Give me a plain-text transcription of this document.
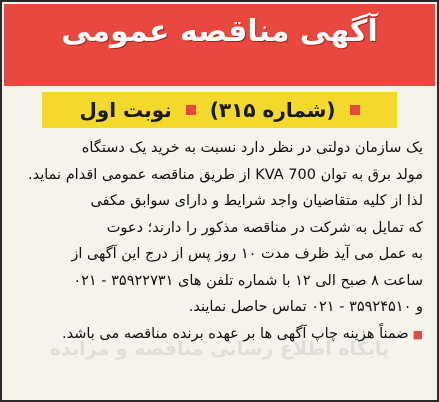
پایگاه اطلاع رسانی مناقصه و مزایده
آگهی مناقصه عمومی
(شماره ۳۱۵)
نوبت اول
یک سازمان دولتی در نظر دارد نسبت به خرید یک دستگاه
مولد برق به توان 700 KVA از طریق مناقصه عمومی اقدام نماید.
لذا از کلیه متقاضیان واجد شرایط و دارای سوابق مکفی
که تمایل به شرکت در مناقصه مذکور را دارند؛ دعوت
به عمل می آید ظرف مدت ۱۰ روز پس از درج این آگهی از
ساعت ۸ صبح الی ۱۲ با شماره تلفن های ۳۵۹۲۲۷۳۱ - ۰۲۱
و ۳۵۹۲۴۵۱۰ - ۰۲۱ تماس حاصل نمایند.
■ضمناً هزینه چاپ آگهی ها بر عهده برنده مناقصه می باشد.
